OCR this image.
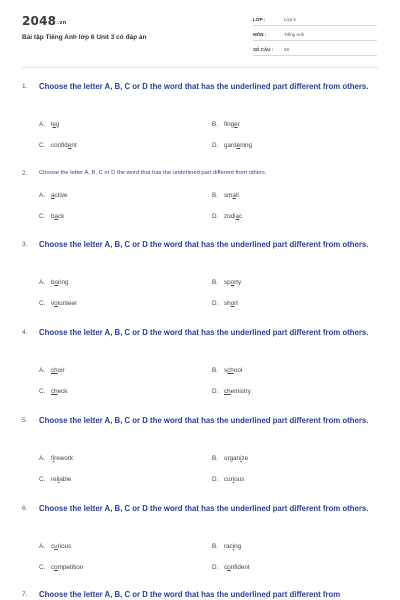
2048.vn
Bài tập Tiếng Anh lớp 6 Unit 3 có đáp án
LỚP :	Lớp 6
MÔN :	Tiếng Anh
SỐ CÂU : 59
1. Choose the letter A, B, C or D the word that has the underlined part different from others.
A. leg	B. finger
C. confident	D. gardening
2. Choose the letter A, B, C or D the word that has the underlined part different from others.
A. active	B. small
C. back	D. zodiac
3. Choose the letter A, B, C or D the word that has the underlined part different from others.
A. boring	B. sporty
C. volunteer	D. short
4. Choose the letter A, B, C or D the word that has the underlined part different from others.
A. choir	B. school
C. check	D. chemistry
5. Choose the letter A, B, C or D the word that has the underlined part different from others.
A. firework	B. organize
C. reliable	D. curious
6. Choose the letter A, B, C or D the word that has the underlined part different from others.
A. curious	B. racing
C. competition	D. confident
7. Choose the letter A, B, C or D the word that has the underlined part different from
